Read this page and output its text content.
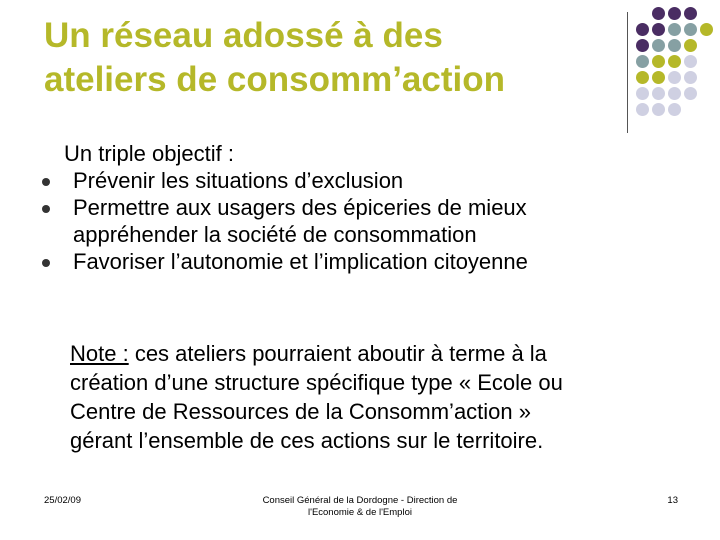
Un réseau adossé à des
ateliers de consomm’action
Un triple objectif :
Prévenir les situations d’exclusion
Permettre aux usagers des épiceries de mieux
appréhender la société de consommation
Favoriser l’autonomie et l’implication citoyenne
Note : ces ateliers pourraient aboutir à terme à la
création d’une structure spécifique type « Ecole ou
Centre de Ressources de la Consomm’action »
gérant l’ensemble de ces actions sur le territoire.
25/02/09	Conseil Général de la Dordogne - Direction de
l'Economie & de l'Emploi
13
